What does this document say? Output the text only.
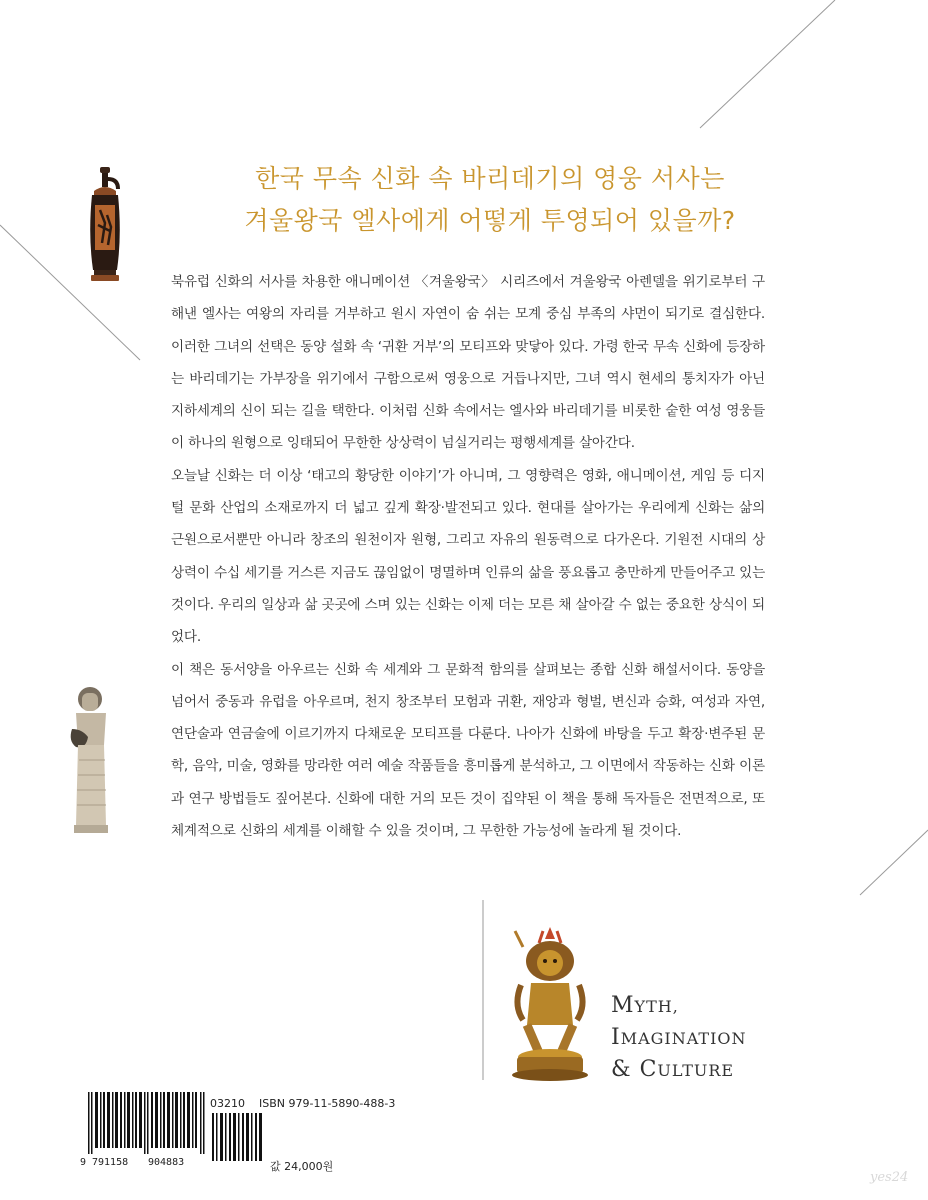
한국 무속 신화 속 바리데기의 영웅 서사는
겨울왕국 엘사에게 어떻게 투영되어 있을까?

북유럽 신화의 서사를 차용한 애니메이션 〈겨울왕국〉 시리즈에서 겨울왕국 아렌델을 위기로부터 구해낸 엘사는 여왕의 자리를 거부하고 원시 자연이 숨 쉬는 모계 중심 부족의 샤먼이 되기로 결심한다. 이러한 그녀의 선택은 동양 설화 속 ‘귀환 거부’의 모티프와 맞닿아 있다. 가령 한국 무속 신화에 등장하는 바리데기는 가부장을 위기에서 구함으로써 영웅으로 거듭나지만, 그녀 역시 현세의 통치자가 아닌 지하세계의 신이 되는 길을 택한다. 이처럼 신화 속에서는 엘사와 바리데기를 비롯한 숱한 여성 영웅들이 하나의 원형으로 잉태되어 무한한 상상력이 넘실거리는 평행세계를 살아간다.

오늘날 신화는 더 이상 ‘태고의 황당한 이야기’가 아니며, 그 영향력은 영화, 애니메이션, 게임 등 디지털 문화 산업의 소재로까지 더 넓고 깊게 확장·발전되고 있다. 현대를 살아가는 우리에게 신화는 삶의 근원으로서뿐만 아니라 창조의 원천이자 원형, 그리고 자유의 원동력으로 다가온다. 기원전 시대의 상상력이 수십 세기를 거스른 지금도 끊임없이 명멸하며 인류의 삶을 풍요롭고 충만하게 만들어주고 있는 것이다. 우리의 일상과 삶 곳곳에 스며 있는 신화는 이제 더는 모른 채 살아갈 수 없는 중요한 상식이 되었다.

이 책은 동서양을 아우르는 신화 속 세계와 그 문화적 함의를 살펴보는 종합 신화 해설서이다. 동양을 넘어서 중동과 유럽을 아우르며, 천지 창조부터 모험과 귀환, 재앙과 형벌, 변신과 승화, 여성과 자연, 연단술과 연금술에 이르기까지 다채로운 모티프를 다룬다. 나아가 신화에 바탕을 두고 확장·변주된 문학, 음악, 미술, 영화를 망라한 여러 예술 작품들을 흥미롭게 분석하고, 그 이면에서 작동하는 신화 이론과 연구 방법들도 짚어본다. 신화에 대한 거의 모든 것이 집약된 이 책을 통해 독자들은 전면적으로, 또 체계적으로 신화의 세계를 이해할 수 있을 것이며, 그 무한한 가능성에 놀라게 될 것이다.

MYTH,
IMAGINATION
& CULTURE
9 791158 904883
03210 ISBN 979-11-5890-488-3
값 24,000원
yes24
